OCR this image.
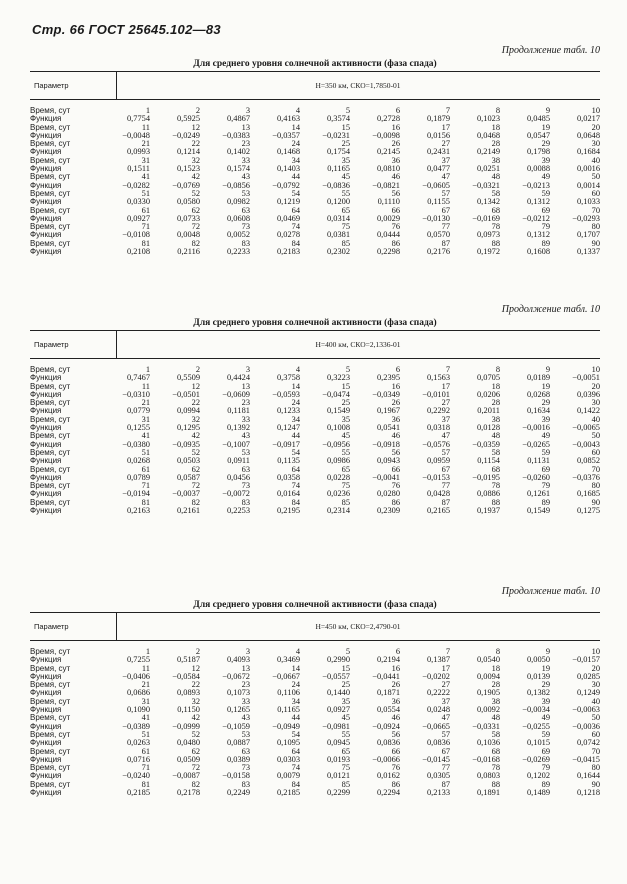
Стр. 66 ГОСТ 25645.102—83
Продолжение табл. 10
Для среднего уровня солнечной активности (фаза спада)
Параметр	H=350 км, СКО=1,7850-01
Время, сут	1	2	3	4	5	6	7	8	9	10
Функция	0,7754	0,5925	0,4867	0,4163	0,3574	0,2728	0,1879	0,1023	0,0485	0,0217
Время, сут	11	12	13	14	15	16	17	18	19	20
Функция	−0,0048	−0,0249	−0,0383	−0,0357	−0,0231	−0,0098	0,0156	0,0468	0,0547	0,0648
Время, сут	21	22	23	24	25	26	27	28	29	30
Функция	0,0993	0,1214	0,1402	0,1468	0,1754	0,2145	0,2431	0,2149	0,1798	0,1684
Время, сут	31	32	33	34	35	36	37	38	39	40
Функция	0,1511	0,1523	0,1574	0,1403	0,1165	0,0810	0,0477	0,0251	0,0088	0,0016
Время, сут	41	42	43	44	45	46	47	48	49	50
Функция	−0,0282	−0,0769	−0,0856	−0,0792	−0,0836	−0,0821	−0,0605	−0,0321	−0,0213	0,0014
Время, сут	51	52	53	54	55	56	57	58	59	60
Функция	0,0330	0,0580	0,0982	0,1219	0,1200	0,1110	0,1155	0,1342	0,1312	0,1033
Время, сут	61	62	63	64	65	66	67	68	69	70
Функция	0,0927	0,0733	0,0608	0,0469	0,0314	0,0029	−0,0130	−0,0169	−0,0212	−0,0293
Время, сут	71	72	73	74	75	76	77	78	79	80
Функция	−0,0108	0,0048	0,0052	0,0278	0,0381	0,0444	0,0570	0,0973	0,1312	0,1707
Время, сут	81	82	83	84	85	86	87	88	89	90
Функция	0,2108	0,2116	0,2233	0,2183	0,2302	0,2298	0,2176	0,1972	0,1608	0,1337
Продолжение табл. 10
Для среднего уровня солнечной активности (фаза спада)
Параметр	H=400 км, СКО=2,1336-01
Время, сут	1	2	3	4	5	6	7	8	9	10
Функция	0,7467	0,5509	0,4424	0,3758	0,3223	0,2395	0,1563	0,0705	0,0189	−0,0051
Время, сут	11	12	13	14	15	16	17	18	19	20
Функция	−0,0310	−0,0501	−0,0609	−0,0593	−0,0474	−0,0349	−0,0101	0,0206	0,0268	0,0396
Время, сут	21	22	23	24	25	26	27	28	29	30
Функция	0,0779	0,0994	0,1181	0,1233	0,1549	0,1967	0,2292	0,2011	0,1634	0,1422
Время, сут	31	32	33	34	35	36	37	38	39	40
Функция	0,1255	0,1295	0,1392	0,1247	0,1008	0,0541	0,0318	0,0128	−0,0016	−0,0065
Время, сут	41	42	43	44	45	46	47	48	49	50
Функция	−0,0380	−0,0935	−0,1007	−0,0917	−0,0956	−0,0918	−0,0576	−0,0359	−0,0265	−0,0043
Время, сут	51	52	53	54	55	56	57	58	59	60
Функция	0,0268	0,0503	0,0911	0,1135	0,0986	0,0943	0,0959	0,1154	0,1131	0,0852
Время, сут	61	62	63	64	65	66	67	68	69	70
Функция	0,0789	0,0587	0,0456	0,0358	0,0228	−0,0041	−0,0153	−0,0195	−0,0260	−0,0376
Время, сут	71	72	73	74	75	76	77	78	79	80
Функция	−0,0194	−0,0037	−0,0072	0,0164	0,0236	0,0280	0,0428	0,0886	0,1261	0,1685
Время, сут	81	82	83	84	85	86	87	88	89	90
Функция	0,2163	0,2161	0,2253	0,2195	0,2314	0,2309	0,2165	0,1937	0,1549	0,1275
Продолжение табл. 10
Для среднего уровня солнечной активности (фаза спада)
Параметр	H=450 км, СКО=2,4790-01
Время, сут	1	2	3	4	5	6	7	8	9	10
Функция	0,7255	0,5187	0,4093	0,3469	0,2990	0,2194	0,1387	0,0540	0,0050	−0,0157
Время, сут	11	12	13	14	15	16	17	18	19	20
Функция	−0,0406	−0,0584	−0,0672	−0,0667	−0,0557	−0,0441	−0,0202	0,0094	0,0139	0,0285
Время, сут	21	22	23	24	25	26	27	28	29	30
Функция	0,0686	0,0893	0,1073	0,1106	0,1440	0,1871	0,2222	0,1905	0,1382	0,1249
Время, сут	31	32	33	34	35	36	37	38	39	40
Функция	0,1090	0,1150	0,1265	0,1165	0,0927	0,0554	0,0248	0,0092	−0,0034	−0,0063
Время, сут	41	42	43	44	45	46	47	48	49	50
Функция	−0,0389	−0,0999	−0,1059	−0,0949	−0,0981	−0,0924	−0,0665	−0,0331	−0,0255	−0,0036
Время, сут	51	52	53	54	55	56	57	58	59	60
Функция	0,0263	0,0480	0,0887	0,1095	0,0945	0,0836	0,0836	0,1036	0,1015	0,0742
Время, сут	61	62	63	64	65	66	67	68	69	70
Функция	0,0716	0,0509	0,0389	0,0303	0,0193	−0,0066	−0,0145	−0,0168	−0,0269	−0,0415
Время, сут	71	72	73	74	75	76	77	78	79	80
Функция	−0,0240	−0,0087	−0,0158	0,0079	0,0121	0,0162	0,0305	0,0803	0,1202	0,1644
Время, сут	81	82	83	84	85	86	87	88	89	90
Функция	0,2185	0,2178	0,2249	0,2185	0,2299	0,2294	0,2133	0,1891	0,1489	0,1218
